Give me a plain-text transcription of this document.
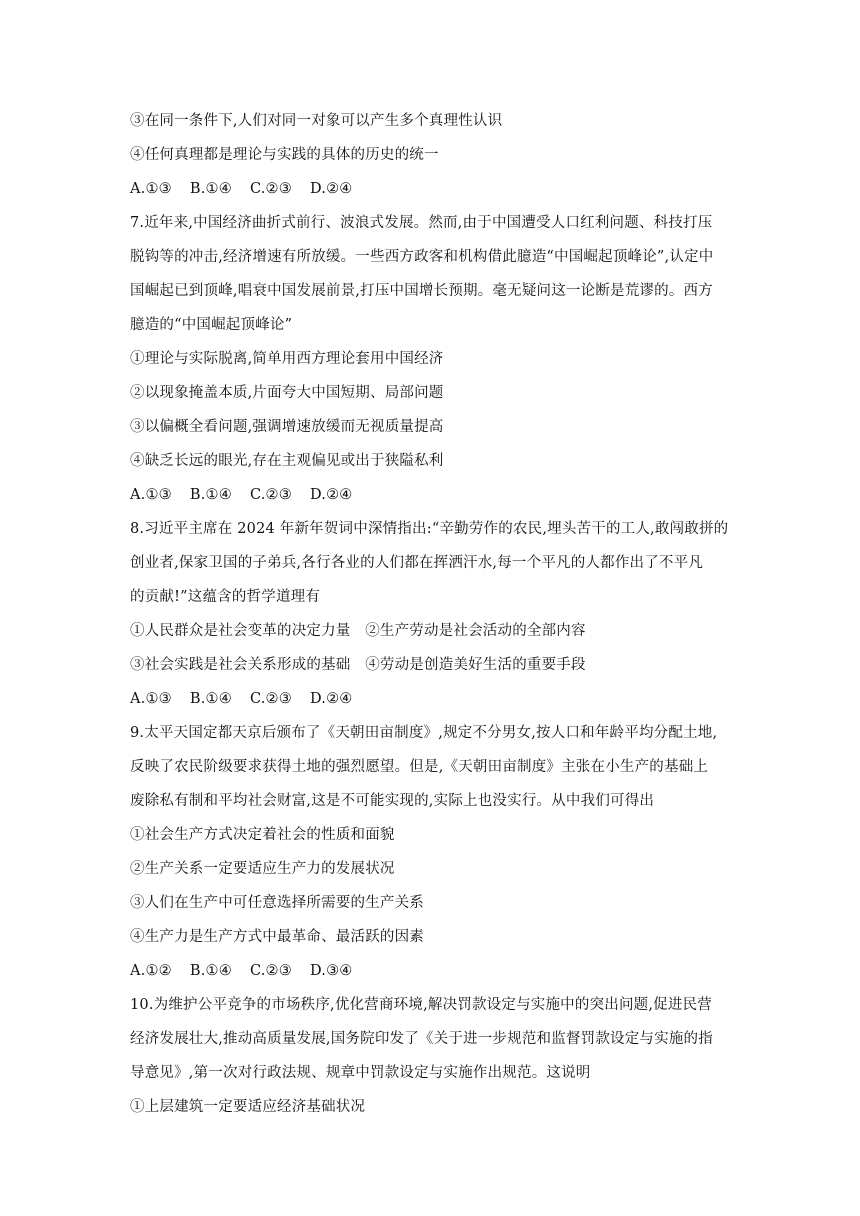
③在同一条件下,人们对同一对象可以产生多个真理性认识
④任何真理都是理论与实践的具体的历史的统一
A.①③ B.①④ C.②③ D.②④
7.近年来,中国经济曲折式前行、波浪式发展。然而,由于中国遭受人口红利问题、科技打压
脱钩等的冲击,经济增速有所放缓。一些西方政客和机构借此臆造“中国崛起顶峰论”,认定中
国崛起已到顶峰,唱衰中国发展前景,打压中国增长预期。毫无疑问这一论断是荒谬的。西方
臆造的“中国崛起顶峰论”
①理论与实际脱离,简单用西方理论套用中国经济
②以现象掩盖本质,片面夸大中国短期、局部问题
③以偏概全看问题,强调增速放缓而无视质量提高
④缺乏长远的眼光,存在主观偏见或出于狭隘私利
A.①③ B.①④ C.②③ D.②④
8.习近平主席在 2024 年新年贺词中深情指出:“辛勤劳作的农民,埋头苦干的工人,敢闯敢拼的
创业者,保家卫国的子弟兵,各行各业的人们都在挥洒汗水,每一个平凡的人都作出了不平凡
的贡献!”这蕴含的哲学道理有
①人民群众是社会变革的决定力量　②生产劳动是社会活动的全部内容
③社会实践是社会关系形成的基础　④劳动是创造美好生活的重要手段
A.①③ B.①④ C.②③ D.②④
9.太平天国定都天京后颁布了《天朝田亩制度》,规定不分男女,按人口和年龄平均分配土地,
反映了农民阶级要求获得土地的强烈愿望。但是,《天朝田亩制度》主张在小生产的基础上
废除私有制和平均社会财富,这是不可能实现的,实际上也没实行。从中我们可得出
①社会生产方式决定着社会的性质和面貌
②生产关系一定要适应生产力的发展状况
③人们在生产中可任意选择所需要的生产关系
④生产力是生产方式中最革命、最活跃的因素
A.①② B.①④ C.②③ D.③④
10.为维护公平竞争的市场秩序,优化营商环境,解决罚款设定与实施中的突出问题,促进民营
经济发展壮大,推动高质量发展,国务院印发了《关于进一步规范和监督罚款设定与实施的指
导意见》,第一次对行政法规、规章中罚款设定与实施作出规范。这说明
①上层建筑一定要适应经济基础状况
